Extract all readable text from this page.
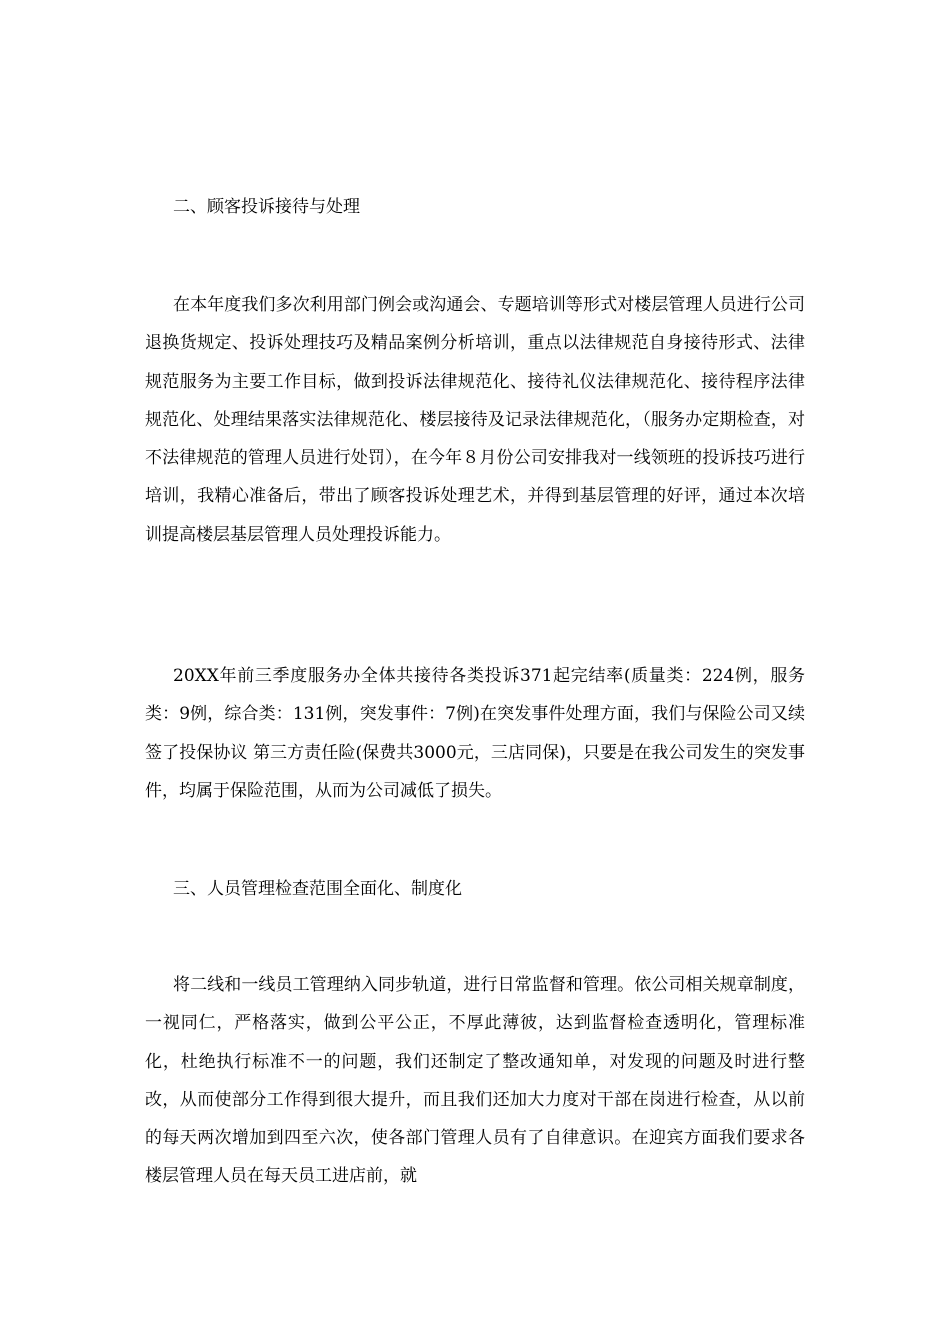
二、顾客投诉接待与处理
在本年度我们多次利用部门例会或沟通会、专题培训等形式对楼层管理人员进行公司退换货规定、投诉处理技巧及精品案例分析培训，重点以法律规范自身接待形式、法律规范服务为主要工作目标，做到投诉法律规范化、接待礼仪法律规范化、接待程序法律规范化、处理结果落实法律规范化、楼层接待及记录法律规范化，（服务办定期检查，对不法律规范的管理人员进行处罚），在今年８月份公司安排我对一线领班的投诉技巧进行培训，我精心准备后，带出了顾客投诉处理艺术，并得到基层管理的好评，通过本次培训提高楼层基层管理人员处理投诉能力。
20XX年前三季度服务办全体共接待各类投诉371起完结率(质量类：224例，服务类：9例，综合类：131例，突发事件：7例)在突发事件处理方面，我们与保险公司又续签了投保协议 第三方责任险(保费共3000元，三店同保)，只要是在我公司发生的突发事件，均属于保险范围，从而为公司减低了损失。
三、人员管理检查范围全面化、制度化
将二线和一线员工管理纳入同步轨道，进行日常监督和管理。依公司相关规章制度，一视同仁，严格落实，做到公平公正，不厚此薄彼，达到监督检查透明化，管理标准化，杜绝执行标准不一的问题，我们还制定了整改通知单，对发现的问题及时进行整改，从而使部分工作得到很大提升，而且我们还加大力度对干部在岗进行检查，从以前的每天两次增加到四至六次，使各部门管理人员有了自律意识。在迎宾方面我们要求各楼层管理人员在每天员工进店前，就
